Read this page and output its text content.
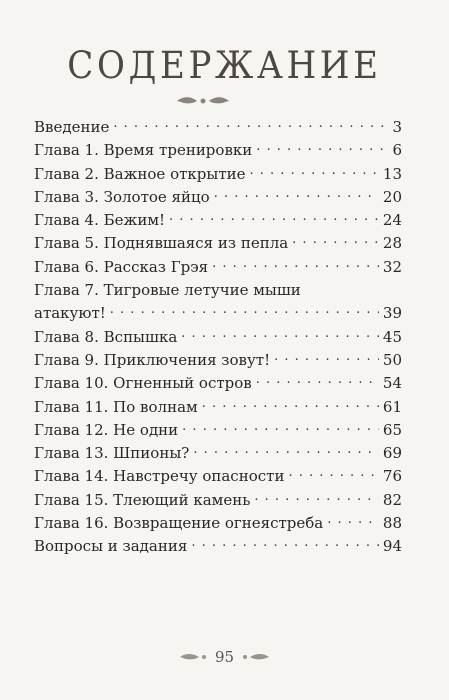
СОДЕРЖАНИЕ
Введение . . .	3
Глава 1. Время тренировки . . .	6
Глава 2. Важное открытие . . .	13
Глава 3. Золотое яйцо . . .	20
Глава 4. Бежим! . . .	24
Глава 5. Поднявшаяся из пепла . . .	28
Глава 6. Рассказ Грэя . . .	32
Глава 7. Тигровые летучие мыши
атакуют! . . .	39
Глава 8. Вспышка . . .	45
Глава 9. Приключения зовут! . . .	50
Глава 10. Огненный остров . . .	54
Глава 11. По волнам . . .	61
Глава 12. Не одни . . .	65
Глава 13. Шпионы? . . .	69
Глава 14. Навстречу опасности . . .	76
Глава 15. Тлеющий камень . . .	82
Глава 16. Возвращение огнеястреба . . .	88
Вопросы и задания . . .	94
95
